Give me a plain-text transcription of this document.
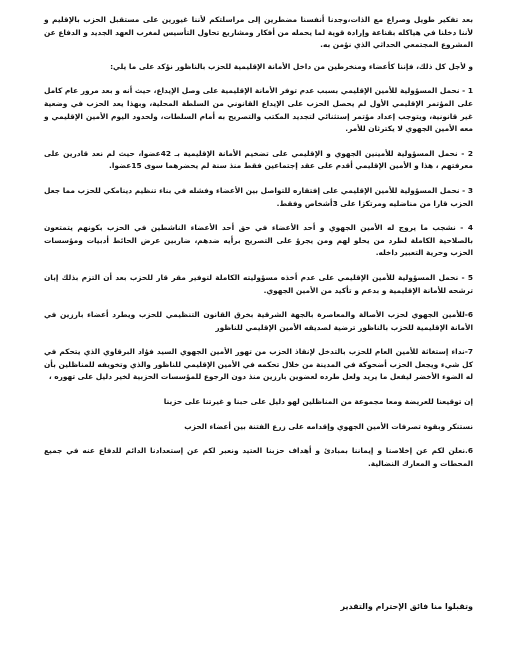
بعد تفكير طويل وصراع مع الذات،وجدنا أنفسنا مضطرين إلى مراسلتكم لأننا غيورين على مستقبل الحزب بالإقليم و لأننا دخلنا في هياكله بقناعة وإرادة قوية لما يحمله من أفكار ومشاريع تحاول التأسيس لمغرب العهد الجديد و الدفاع عن المشروع المجتمعي الحداثي الذي نؤمن به.

و لأجل كل ذلك، فإننا كأعضاء ومنخرطين من داخل الأمانة الإقليمية للحزب بالناظور نؤكد على ما يلي:

1 - نحمل المسؤولية للأمين الإقليمي بسبب عدم توفر الأمانة الإقليمية على وصل الإيداع، حيث أنه و بعد مرور عام كامل على المؤتمر الإقليمي الأول لم يحصل الحزب على الإيداع القانوني من السلطة المحلية، وبهذا يعد الحزب في وضعية غير قانونية، ويتوجب إعداد مؤتمر إستثنائي لتجديد المكتب والتصريح به أمام السلطات، ولحدود اليوم الأمين الإقليمي و معه الأمين الجهوي لا يكترثان للأمر.

2 - نحمل المسؤولية للأمينين الجهوي و الإقليمي على تضخيم الأمانة الإقليمية بـ 42عضوا، حيث لم نعد قادرين على معرفتهم ، هذا و الأمين الإقليمي أقدم على عقد إجتماعين فقط منذ سنة لم يحضرهما سوى 15عضوا.

3 - نحمل المسؤولية للأمين الإقليمي على إفتقاره للتواصل بين الأعضاء وفشله في بناء تنظيم دينامكي للحزب مما جعل الحزب قارا من مناضليه ومرتكزا على 3أشخاص وفقط.

4 - نشجب ما يروج له الأمين الجهوي و أحد الأعضاء في حق أحد الأعضاء الناشطين في الحزب بكونهم يتمتعون بالصلاحية الكاملة لطرد من يحلو لهم ومن يجرؤ على التصريح برأيه ضدهم، ضاربين عرض الحائط أدبيات ومؤسسات الحزب وحرية التعبير داخله.

5 - نحمل المسؤولية للأمين الإقليمي على عدم أخذه مسؤوليته الكاملة لتوفير مقر قار للحزب بعد أن التزم بذلك إبان ترشحه للأمانة الإقليمية و بدعم و تأكيد من الأمين الجهوي.

6-للأمين الجهوي لحزب الأصالة والمعاصرة بالجهة الشرقية بخرق القانون التنظيمي للحزب ويطرد أعضاء بارزين في الأمانة الإقليمية للحزب بالناظور ترضية لصديقه الأمين الإقليمي للناظور

7-نداء إستغاثة للأمين العام للحزب بالتدخل لإنقاذ الحزب من تهور الأمين الجهوي السيد فؤاد البرقاوي الذي يتحكم في كل شيء ويجعل الحزب أضحوكة في المدينة من خلال تحكمه في الأمين الإقليمي للناظور والذي وتخويفه للمناظلين بأن له الضوء الأخضر ليفعل ما يريد ولعل طرده لعضوين بارزين منذ دون الرجوع للمؤسسات الحزبية لخير دليل على تهوره ،

إن توقيعنا للعريضة ومعا مجموعة من المناظلين لهو دليل على حبنا و غيرتنا على حزبنا

نستنكر وبقوة تصرفات الأمين الجهوي وإقدامه على زرع الفتنة بين أعضاء الحزب

6.نعلن لكم عن إخلاصنا و إيماننا بمبادئ و أهداف حزبنا العتيد ونعبر لكم عن إستعدادنا الدائم للدفاع عنه في جميع المحطات و المعارك النضالية.

وتقبلوا منا فائق الإحترام والتقدير
